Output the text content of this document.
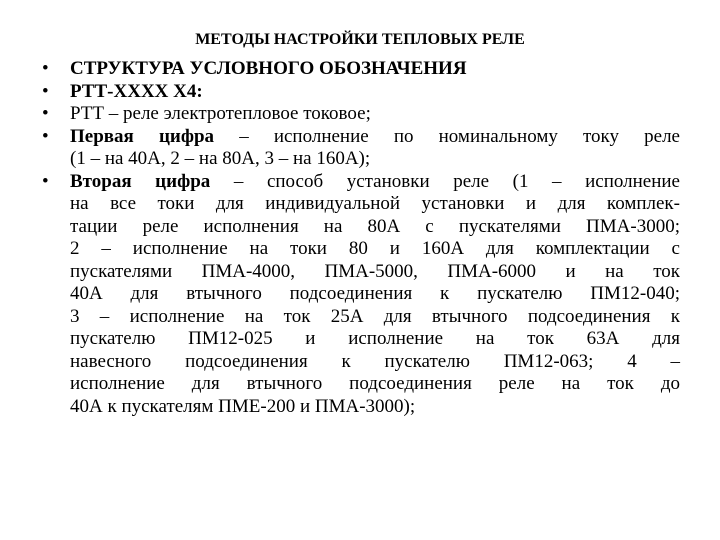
МЕТОДЫ НАСТРОЙКИ ТЕПЛОВЫХ РЕЛЕ
• СТРУКТУРА УСЛОВНОГО ОБОЗНАЧЕНИЯ
• РТТ-ХХХХ Х4:
• РТТ – реле электротепловое токовое;
• Первая цифра – исполнение по номинальному току реле
(1 – на 40А, 2 – на 80А, 3 – на 160А);
• Вторая цифра – способ установки реле (1 – исполнение
на все токи для индивидуальной установки и для комплек-
тации реле исполнения на 80А с пускателями ПМА-3000;
2 – исполнение на токи 80 и 160А для комплектации с
пускателями ПМА-4000, ПМА-5000, ПМА-6000 и на ток
40А для втычного подсоединения к пускателю ПМ12-040;
3 – исполнение на ток 25А для втычного подсоединения к
пускателю ПМ12-025 и исполнение на ток 63А для
навесного подсоединения к пускателю ПМ12-063; 4 –
исполнение для втычного подсоединения реле на ток до
40А к пускателям ПМЕ-200 и ПМА-3000);
